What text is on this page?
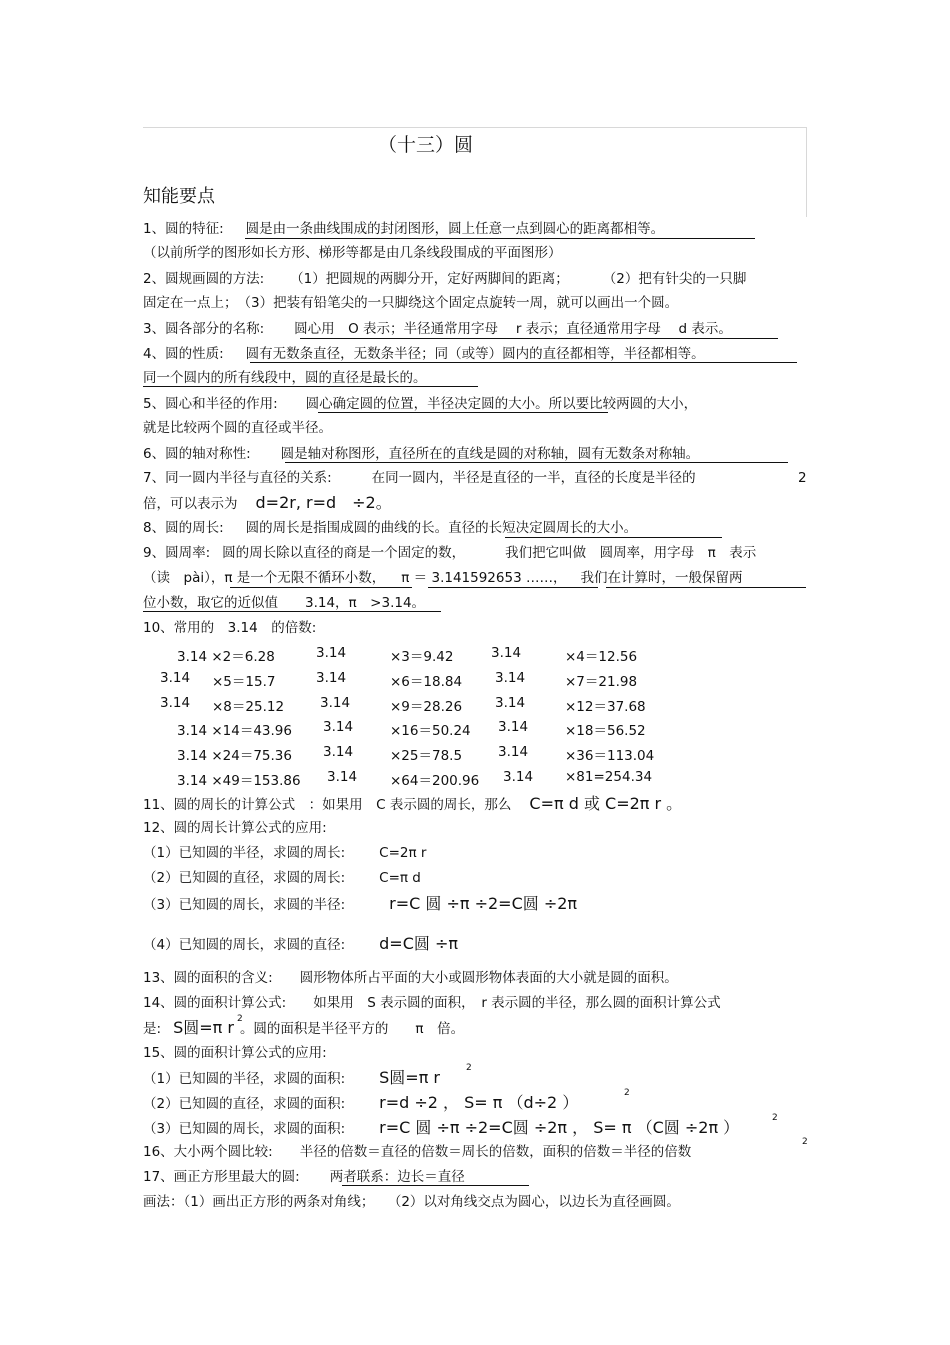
（十三）圆
知能要点
1、圆的特征: 圆是由一条曲线围成的封闭图形，圆上任意一点到圆心的距离都相等。
（以前所学的图形如长方形、梯形等都是由几条线段围成的平面图形）
2、圆规画圆的方法: （1）把圆规的两脚分开，定好两脚间的距离；	（2）把有针尖的一只脚
固定在一点上；　（3）把装有铅笔尖的一只脚绕这个固定点旋转一周，就可以画出一个圆。
3、圆各部分的名称: 圆心用　O 表示；半径通常用字母　 r 表示；直径通常用字母　 d 表示。
4、圆的性质: 圆有无数条直径，无数条半径；同（或等）圆内的直径都相等，半径都相等。
同一个圆内的所有线段中，圆的直径是最长的。
5、圆心和半径的作用: 圆心确定圆的位置，半径决定圆的大小。所以要比较两圆的大小，
就是比较两个圆的直径或半径。
6、圆的轴对称性: 圆是轴对称图形，直径所在的直线是圆的对称轴，圆有无数条对称轴。
7、同一圆内半径与直径的关系:	在同一圆内，半径是直径的一半，直径的长度是半径的	2
倍，可以表示为 d=2r, r=d　÷2。
8、圆的周长: 圆的周长是指围成圆的曲线的长。直径的长短决定圆周长的大小。
9、圆周率: 圆的周长除以直径的商是一个固定的数，	我们把它叫做　圆周率，用字母　π　表示
（读　pài），π 是一个无限不循环小数， π ＝ 3.141592653 ……， 我们在计算时，一般保留两
位小数，取它的近似值　　3.14，π　>3.14。
10、常用的　3.14　的倍数:
3.14 ×2＝6.28	3.14	×3＝9.42	3.14	×4＝12.56
3.14 ×5＝15.7	3.14	×6＝18.84 3.14	×7＝21.98
3.14 ×8＝25.12	3.14	×9＝28.26 3.14	×12＝37.68
3.14 ×14＝43.96 3.14	×16＝50.24 3.14	×18＝56.52
3.14 ×24＝75.36 3.14	×25＝78.5	3.14	×36＝113.04
3.14 ×49＝153.86 3.14 ×64＝200.96 3.14 ×81=254.34
11、圆的周长的计算公式　：如果用　C 表示圆的周长，那么 C=π d 或 C=2π r 。
12、圆的周长计算公式的应用:
（1）已知圆的半径，求圆的周长:	C=2π r
（2）已知圆的直径，求圆的周长:	C=π d
（3）已知圆的周长，求圆的半径:	r=C 圆 ÷π ÷2=C圆 ÷2π
（4）已知圆的周长，求圆的直径: d=C圆 ÷π
13、圆的面积的含义:　　圆形物体所占平面的大小或圆形物体表面的大小就是圆的面积。
14、圆的面积计算公式:　　如果用　S 表示圆的面积，　r 表示圆的半径，那么圆的面积计算公式
是: S圆=π r 。圆的面积是半径平方的　　π　倍。
2
15、圆的面积计算公式的应用:
（1）已知圆的半径，求圆的面积: S圆=π r	2
（2）已知圆的直径，求圆的面积: r=d ÷2 ， S= π （d÷2 ）	2
（3）已知圆的周长，求圆的面积: r=C 圆 ÷π ÷2=C圆 ÷2π ， S= π （C圆 ÷2π ）	2
16、大小两个圆比较:　　半径的倍数＝直径的倍数＝周长的倍数，面积的倍数＝半径的倍数
2
17、画正方形里最大的圆: 两者联系：边长＝直径
画法：（1）画出正方形的两条对角线；　　（2）以对角线交点为圆心，以边长为直径画圆。
